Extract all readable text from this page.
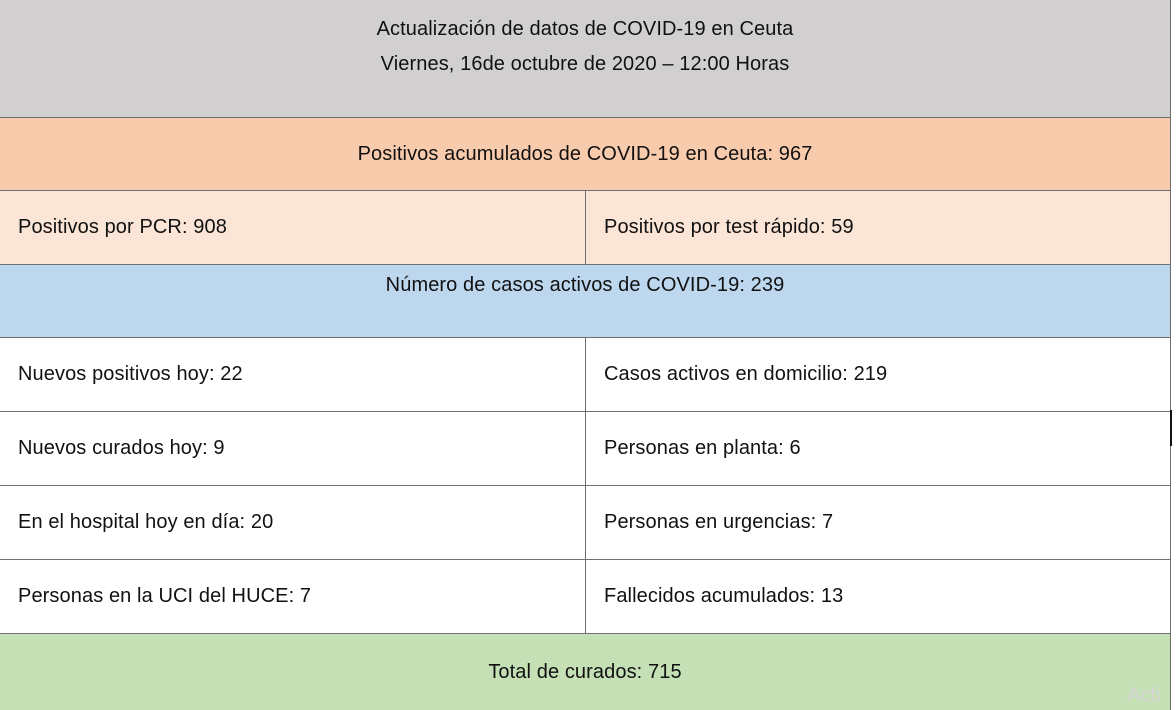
Actualización de datos de COVID-19 en Ceuta
Viernes, 16de octubre de 2020 – 12:00 Horas
Positivos acumulados de COVID-19 en Ceuta: 967
Positivos por PCR: 908	Positivos por test rápido: 59
Número de casos activos de COVID-19: 239
Nuevos positivos hoy: 22	Casos activos en domicilio: 219
Nuevos curados hoy: 9	Personas en planta: 6
En el hospital hoy en día: 20	Personas en urgencias: 7
Personas en la UCI del HUCE: 7	Fallecidos acumulados: 13
Total de curados: 715
Acti
